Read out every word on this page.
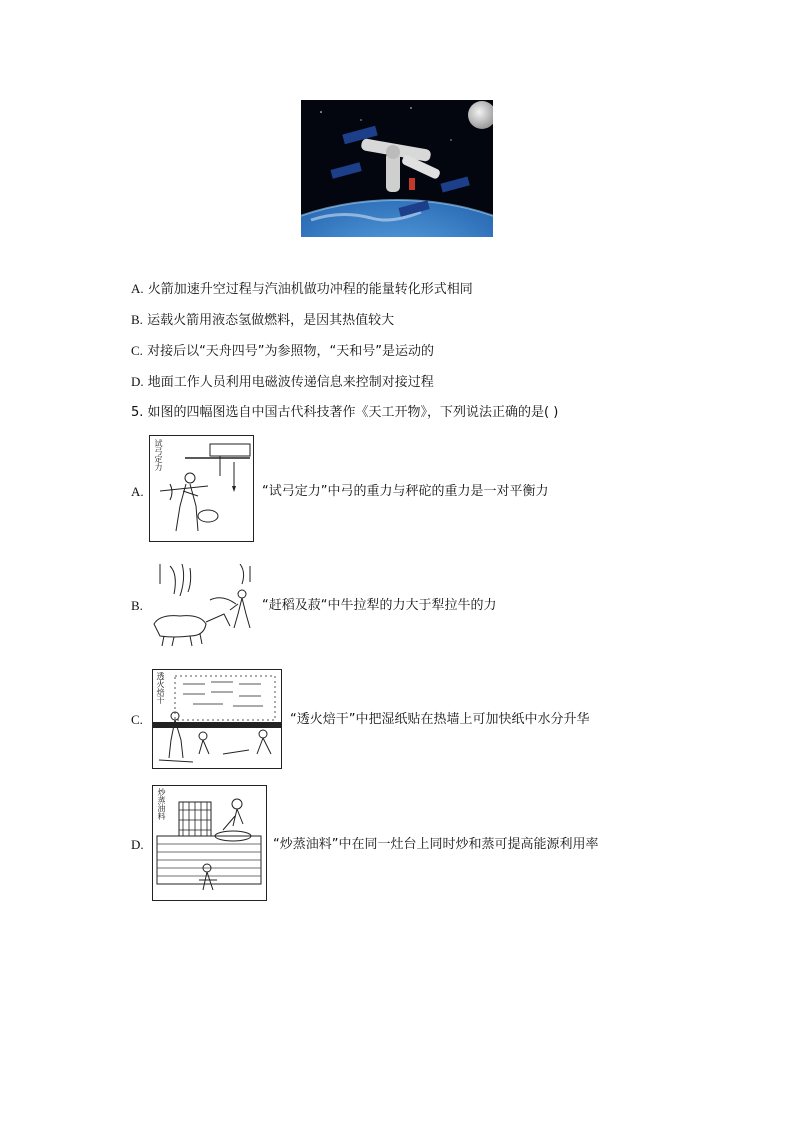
A. 火箭加速升空过程与汽油机做功冲程的能量转化形式相同
B. 运载火箭用液态氢做燃料，是因其热值较大
C. 对接后以“天舟四号”为参照物，“天和号”是运动的
D. 地面工作人员利用电磁波传递信息来控制对接过程
5. 如图的四幅图选自中国古代科技著作《天工开物》，下列说法正确的是( )
A.
试弓定力
“试弓定力”中弓的重力与秤砣的重力是一对平衡力
B.	“赶稻及菽“中牛拉犁的力大于犁拉牛的力
C.
透火焙干
“透火焙干”中把湿纸贴在热墙上可加快纸中水分升华
D.
炒蒸油料
“炒蒸油料”中在同一灶台上同时炒和蒸可提高能源利用率
